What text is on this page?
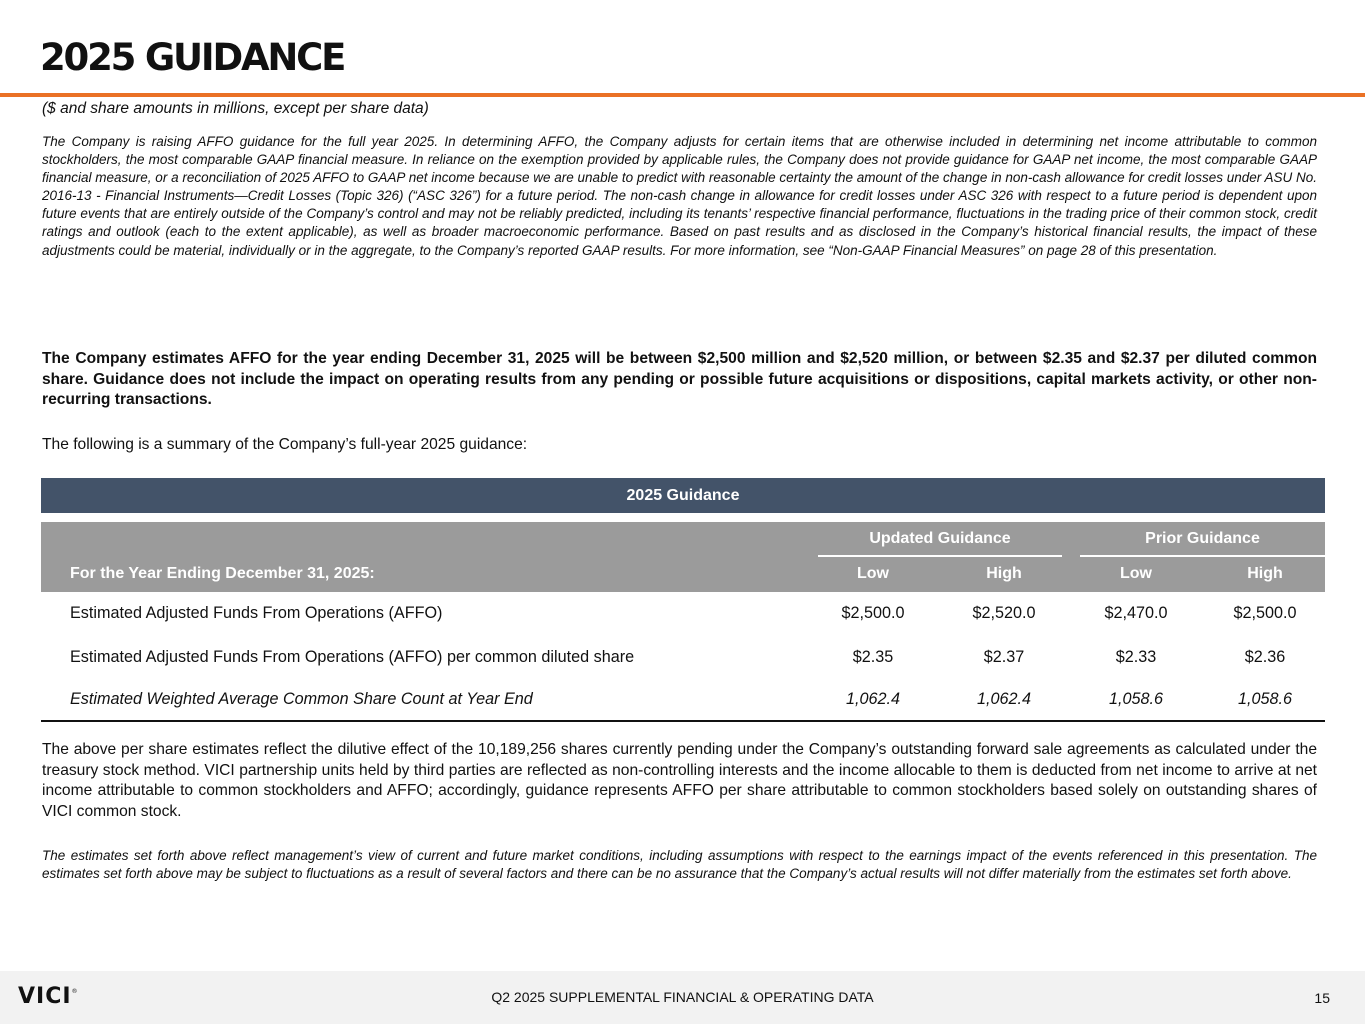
2025 GUIDANCE
($ and share amounts in millions, except per share data)

The Company is raising AFFO guidance for the full year 2025. In determining AFFO, the Company adjusts for certain items that are otherwise included in determining net income attributable to common stockholders, the most comparable GAAP financial measure. In reliance on the exemption provided by applicable rules, the Company does not provide guidance for GAAP net income, the most comparable GAAP financial measure, or a reconciliation of 2025 AFFO to GAAP net income because we are unable to predict with reasonable certainty the amount of the change in non-cash allowance for credit losses under ASU No. 2016-13 - Financial Instruments—Credit Losses (Topic 326) (“ASC 326”) for a future period. The non-cash change in allowance for credit losses under ASC 326 with respect to a future period is dependent upon future events that are entirely outside of the Company’s control and may not be reliably predicted, including its tenants’ respective financial performance, fluctuations in the trading price of their common stock, credit ratings and outlook (each to the extent applicable), as well as broader macroeconomic performance. Based on past results and as disclosed in the Company’s historical financial results, the impact of these adjustments could be material, individually or in the aggregate, to the Company’s reported GAAP results. For more information, see “Non-GAAP Financial Measures” on page 28 of this presentation.

The Company estimates AFFO for the year ending December 31, 2025 will be between $2,500 million and $2,520 million, or between $2.35 and $2.37 per diluted common share. Guidance does not include the impact on operating results from any pending or possible future acquisitions or dispositions, capital markets activity, or other non-recurring transactions.

The following is a summary of the Company’s full-year 2025 guidance:

2025 Guidance
Updated Guidance	Prior Guidance
For the Year Ending December 31, 2025:	Low	High	Low	High
Estimated Adjusted Funds From Operations (AFFO)	$2,500.0	$2,520.0	$2,470.0	$2,500.0
Estimated Adjusted Funds From Operations (AFFO) per common diluted share	$2.35	$2.37	$2.33	$2.36
Estimated Weighted Average Common Share Count at Year End	1,062.4	1,062.4	1,058.6	1,058.6

The above per share estimates reflect the dilutive effect of the 10,189,256 shares currently pending under the Company’s outstanding forward sale agreements as calculated under the treasury stock method. VICI partnership units held by third parties are reflected as non-controlling interests and the income allocable to them is deducted from net income to arrive at net income attributable to common stockholders and AFFO; accordingly, guidance represents AFFO per share attributable to common stockholders based solely on outstanding shares of VICI common stock.

The estimates set forth above reflect management’s view of current and future market conditions, including assumptions with respect to the earnings impact of the events referenced in this presentation. The estimates set forth above may be subject to fluctuations as a result of several factors and there can be no assurance that the Company’s actual results will not differ materially from the estimates set forth above.

VICI®	Q2 2025 SUPPLEMENTAL FINANCIAL & OPERATING DATA	15
